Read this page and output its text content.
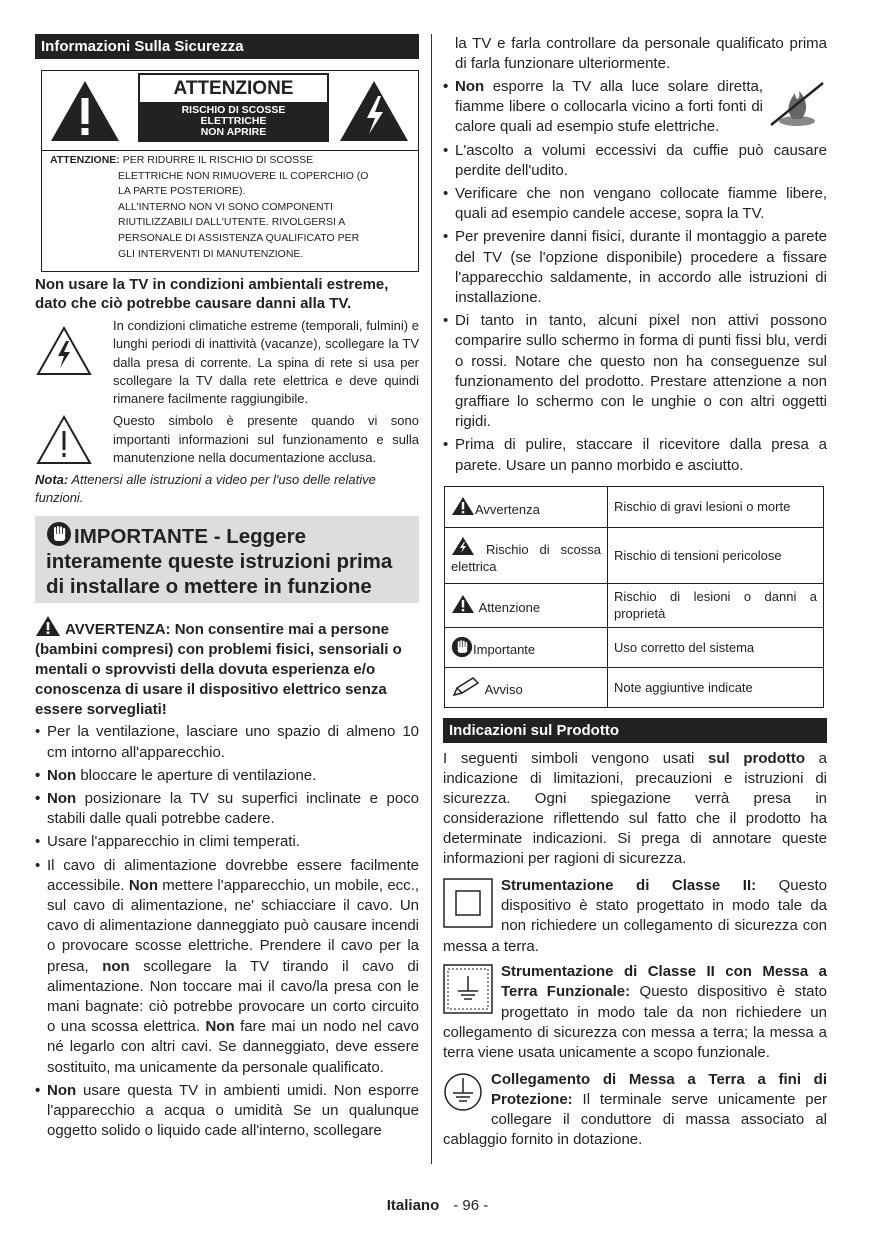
Informazioni Sulla Sicurezza
ATTENZIONE
RISCHIO DI SCOSSE
ELETTRICHE
NON APRIRE
ATTENZIONE: PER RIDURRE IL RISCHIO DI SCOSSE
ELETTRICHE NON RIMUOVERE IL COPERCHIO (O
LA PARTE POSTERIORE).
ALL'INTERNO NON VI SONO COMPONENTI
RIUTILIZZABILI DALL'UTENTE. RIVOLGERSI A
PERSONALE DI ASSISTENZA QUALIFICATO PER
GLI INTERVENTI DI MANUTENZIONE.

Non usare la TV in condizioni ambientali estreme, dato che ciò potrebbe causare danni alla TV.

In condizioni climatiche estreme (temporali, fulmini) e lunghi periodi di inattività (vacanze), scollegare la TV dalla presa di corrente. La spina di rete si usa per scollegare la TV dalla rete elettrica e deve quindi rimanere facilmente raggiungibile.

Questo simbolo è presente quando vi sono importanti informazioni sul funzionamento e sulla manutenzione nella documentazione acclusa.

Nota: Attenersi alle istruzioni a video per l'uso delle relative funzioni.

IMPORTANTE - Leggere interamente queste istruzioni prima di installare o mettere in funzione

AVVERTENZA: Non consentire mai a persone (bambini compresi) con problemi fisici, sensoriali o mentali o sprovvisti della dovuta esperienza e/o conoscenza di usare il dispositivo elettrico senza essere sorvegliati!

• Per la ventilazione, lasciare uno spazio di almeno 10 cm intorno all'apparecchio.
• Non bloccare le aperture di ventilazione.
• Non posizionare la TV su superfici inclinate e poco stabili dalle quali potrebbe cadere.
• Usare l'apparecchio in climi temperati.
• Il cavo di alimentazione dovrebbe essere facilmente accessibile. Non mettere l'apparecchio, un mobile, ecc., sul cavo di alimentazione, ne' schiacciare il cavo. Un cavo di alimentazione danneggiato può causare incendi o provocare scosse elettriche. Prendere il cavo per la presa, non scollegare la TV tirando il cavo di alimentazione. Non toccare mai il cavo/la presa con le mani bagnate: ciò potrebbe provocare un corto circuito o una scossa elettrica. Non fare mai un nodo nel cavo né legarlo con altri cavi. Se danneggiato, deve essere sostituito, ma unicamente da personale qualificato.
• Non usare questa TV in ambienti umidi. Non esporre l'apparecchio a acqua o umidità Se un qualunque oggetto solido o liquido cade all'interno, scollegare

la TV e farla controllare da personale qualificato prima di farla funzionare ulteriormente.

• Non esporre la TV alla luce solare diretta, fiamme libere o collocarla vicino a forti fonti di calore quali ad esempio stufe elettriche.
• L'ascolto a volumi eccessivi da cuffie può causare perdite dell'udito.
• Verificare che non vengano collocate fiamme libere, quali ad esempio candele accese, sopra la TV.
• Per prevenire danni fisici, durante il montaggio a parete del TV (se l'opzione disponibile) procedere a fissare l'apparecchio saldamente, in accordo alle istruzioni di installazione.
• Di tanto in tanto, alcuni pixel non attivi possono comparire sullo schermo in forma di punti fissi blu, verdi o rossi. Notare che questo non ha conseguenze sul funzionamento del prodotto. Prestare attenzione a non graffiare lo schermo con le unghie o con altri oggetti rigidi.
• Prima di pulire, staccare il ricevitore dalla presa a parete. Usare un panno morbido e asciutto.
Avvertenza	Rischio di gravi lesioni o morte
Rischio di scossa elettrica	Rischio di tensioni pericolose
Attenzione	Rischio di lesioni o danni a proprietà
Importante	Uso corretto del sistema
Avviso	Note aggiuntive indicate
Indicazioni sul Prodotto

I seguenti simboli vengono usati sul prodotto a indicazione di limitazioni, precauzioni e istruzioni di sicurezza. Ogni spiegazione verrà presa in considerazione riflettendo sul fatto che il prodotto ha determinate indicazioni. Si prega di annotare queste informazioni per ragioni di sicurezza.

Strumentazione di Classe II: Questo dispositivo è stato progettato in modo tale da non richiedere un collegamento di sicurezza con messa a terra.

Strumentazione di Classe II con Messa a Terra Funzionale: Questo dispositivo è stato progettato in modo tale da non richiedere un collegamento di sicurezza con messa a terra; la messa a terra viene usata unicamente a scopo funzionale.

Collegamento di Messa a Terra a fini di Protezione: Il terminale serve unicamente per collegare il conduttore di massa associato al cablaggio fornito in dotazione.

Italiano - 96 -
